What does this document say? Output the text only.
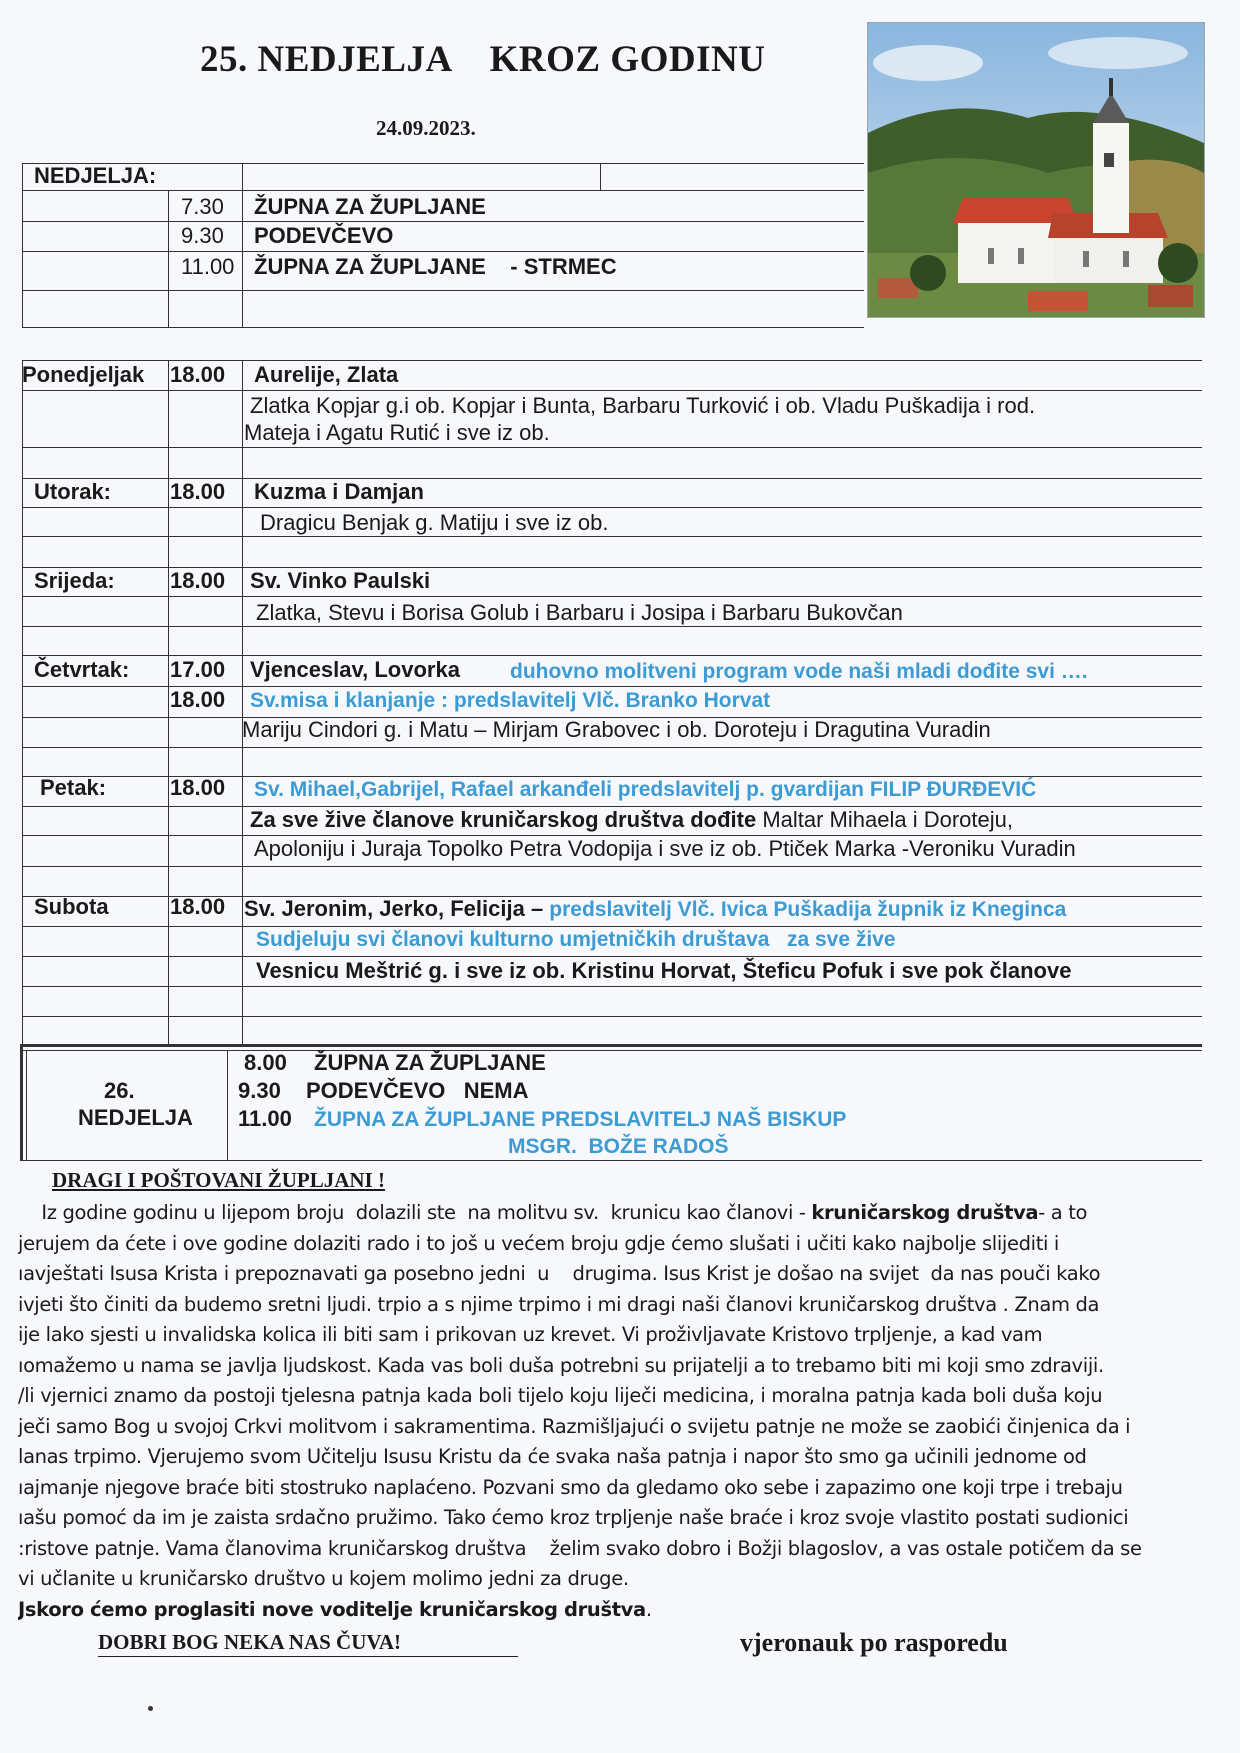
25. NEDJELJA    KROZ GODINU
24.09.2023.
NEDJELJA:
7.30 ŽUPNA ZA ŽUPLJANE
9.30 PODEVČEVO
11.00 ŽUPNA ZA ŽUPLJANE    - STRMEC
Ponedjeljak 18.00 Aurelije, Zlata
Zlatka Kopjar g.i ob. Kopjar i Bunta, Barbaru Turković i ob. Vladu Puškadija i rod.
Mateja i Agatu Rutić i sve iz ob.
Utorak:	18.00 Kuzma i Damjan
Dragicu Benjak g. Matiju i sve iz ob.
Srijeda:	18.00 Sv. Vinko Paulski
Zlatka, Stevu i Borisa Golub i Barbaru i Josipa i Barbaru Bukovčan
Četvrtak: 17.00 Vjenceslav, Lovorka duhovno molitveni program vode naši mladi dođite svi ….
18.00 Sv.misa i klanjanje : predslavitelj Vlč. Branko Horvat
Mariju Cindori g. i Matu – Mirjam Grabovec i ob. Doroteju i Dragutina Vuradin
Petak:	18.00 Sv. Mihael,Gabrijel, Rafael arkanđeli predslavitelj p. gvardijan FILIP ĐURĐEVIĆ
Za sve žive članove kruničarskog društva dođite Maltar Mihaela i Doroteju,
Apoloniju i Juraja Topolko Petra Vodopija i sve iz ob. Ptiček Marka -Veroniku Vuradin
Subota	18.00 Sv. Jeronim, Jerko, Felicija – predslavitelj Vlč. Ivica Puškadija župnik iz Kneginca
Sudjeluju svi članovi kulturno umjetničkih društava   za sve žive
Vesnicu Meštrić g. i sve iz ob. Kristinu Horvat, Šteficu Pofuk i sve pok članove
26.
NEDJELJA
8.00 ŽUPNA ZA ŽUPLJANE
9.30 PODEVČEVO   NEMA
11.00 ŽUPNA ZA ŽUPLJANE PREDSLAVITELJ NAŠ BISKUP
MSGR.  BOŽE RADOŠ
DRAGI I POŠTOVANI ŽUPLJANI !

Iz godine godinu u lijepom broju  dolazili ste  na molitvu sv.  krunicu kao članovi - kruničarskog društva- a to

jerujem da ćete i ove godine dolaziti rado i to još u većem broju gdje ćemo slušati i učiti kako najbolje slijediti i

ıavještati Isusa Krista i prepoznavati ga posebno jedni  u    drugima. Isus Krist je došao na svijet  da nas pouči kako

ivjeti što činiti da budemo sretni ljudi. trpio a s njime trpimo i mi dragi naši članovi kruničarskog društva . Znam da

ije lako sjesti u invalidska kolica ili biti sam i prikovan uz krevet. Vi proživljavate Kristovo trpljenje, a kad vam

ıomažemo u nama se javlja ljudskost. Kada vas boli duša potrebni su prijatelji a to trebamo biti mi koji smo zdraviji.

/li vjernici znamo da postoji tjelesna patnja kada boli tijelo koju liječi medicina, i moralna patnja kada boli duša koju

ječi samo Bog u svojoj Crkvi molitvom i sakramentima. Razmišljajući o svijetu patnje ne može se zaobići činjenica da i

lanas trpimo. Vjerujemo svom Učitelju Isusu Kristu da će svaka naša patnja i napor što smo ga učinili jednome od

ıajmanje njegove braće biti stostruko naplaćeno. Pozvani smo da gledamo oko sebe i zapazimo one koji trpe i trebaju

ıašu pomoć da im je zaista srdačno pružimo. Tako ćemo kroz trpljenje naše braće i kroz svoje vlastito postati sudionici

:ristove patnje. Vama članovima kruničarskog društva    želim svako dobro i Božji blagoslov, a vas ostale potičem da se

vi učlanite u kruničarsko društvo u kojem molimo jedni za druge.

Jskoro ćemo proglasiti nove voditelje kruničarskog društva.

DOBRI BOG NEKA NAS ČUVA!	vjeronauk po rasporedu
